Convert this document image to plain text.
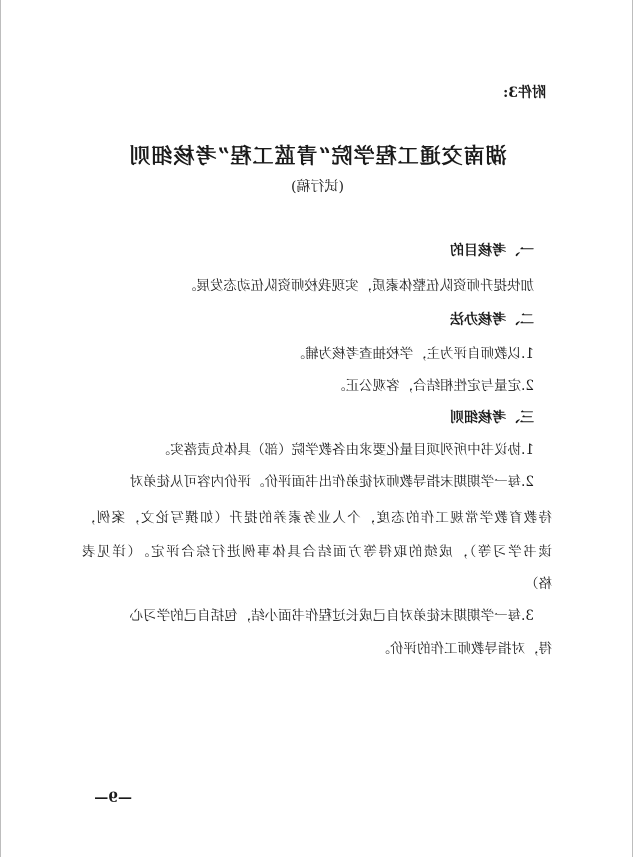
附件3:
湖南交通工程学院“青蓝工程”考核细则
(试行稿)
一、考核目的
加快提升师资队伍整体素质，实现我校师资队伍动态发展。
二、考核办法
1.以教师自评为主，学校抽查考核为辅。
2.定量与定性相结合，客观公正。
三、考核细则
1.协议书中所列项目量化要求由各教学院（部）具体负责落实。
2.每一学期期末指导教师对徒弟作出书面评价。评价内容可从徒弟对
待教育教学常规工作的态度，个人业务素养的提升（如撰写论文，案例，
读书学习等），成绩的取得等方面结合具体事例进行综合评定。（详见表
格）
3.每一学期期末徒弟对自己成长过程作书面小结，包括自己的学习心
得，对指导教师工作的评价。
—9—
